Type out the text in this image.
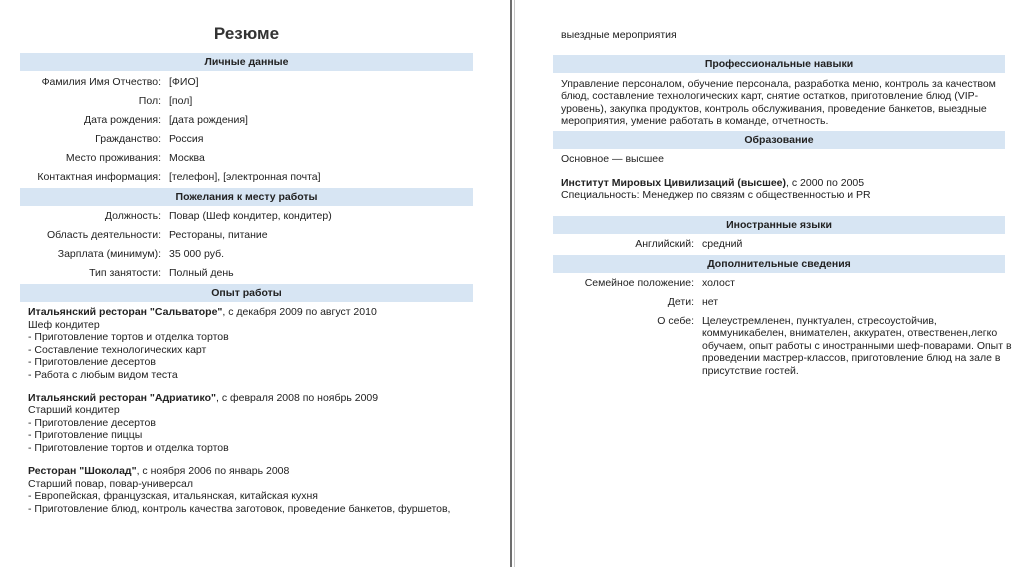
Резюме
Личные данные
Фамилия Имя Отчество: [ФИО]
Пол: [пол]
Дата рождения: [дата рождения]
Гражданство: Россия
Место проживания: Москва
Контактная информация: [телефон], [электронная почта]
Пожелания к месту работы
Должность: Повар (Шеф кондитер, кондитер)
Область деятельности: Рестораны, питание
Зарплата (минимум): 35 000 руб.
Тип занятости: Полный день
Опыт работы
Итальянский ресторан "Сальваторе", с декабря 2009 по август 2010
Шеф кондитер
- Приготовление тортов и отделка тортов
- Составление технологических карт
- Приготовление десертов
- Работа с любым видом теста
Итальянский ресторан "Адриатико", с февраля 2008 по ноябрь 2009
Старший кондитер
- Приготовление десертов
- Приготовление пиццы
- Приготовление тортов и отделка тортов
Ресторан "Шоколад", с ноября 2006 по январь 2008
Старший повар, повар-универсал
- Европейская, французская, итальянская, китайская кухня
- Приготовление блюд, контроль качества заготовок, проведение банкетов, фуршетов,
выездные мероприятия
Профессиональные навыки
Управление персоналом, обучение персонала, разработка меню, контроль за качеством
блюд, составление технологических карт, снятие остатков, приготовление блюд (VIP-
уровень), закупка продуктов, контроль обслуживания, проведение банкетов, выездные
мероприятия, умение работать в команде, отчетность.
Образование
Основное — высшее
Институт Мировых Цивилизаций (высшее), с 2000 по 2005
Специальность: Менеджер по связям с общественностью и PR
Иностранные языки
Английский: средний
Дополнительные сведения
Семейное положение: холост
Дети: нет
О себе: Целеустремленен, пунктуален, стресоустойчив,
коммуникабелен, внимателен, аккуратен, отвественен,легко
обучаем, опыт работы с иностранными шеф-поварами. Опыт в
проведении мастрер-классов, приготовление блюд на зале в
присутствие гостей.
